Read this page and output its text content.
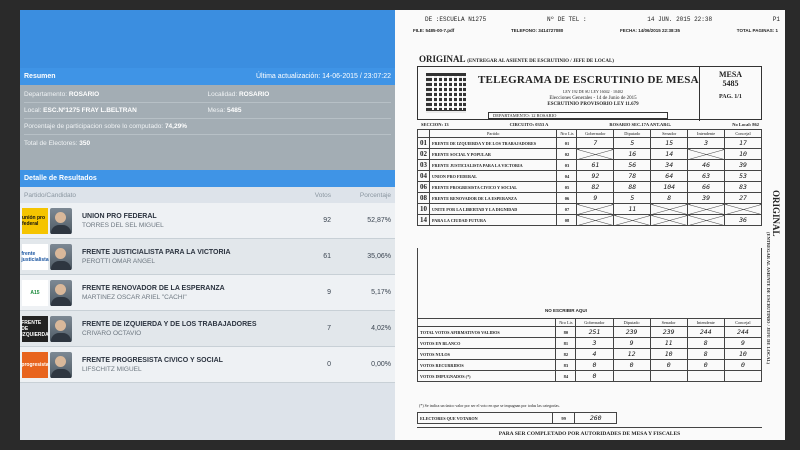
Resumen	Última actualización: 14-06-2015 / 23:07:22
Departamento: ROSARIO	Localidad: ROSARIO
Local: ESC.Nº1275 FRAY L.BELTRAN	Mesa: 5485
Porcentaje de participacion sobre lo computado: 74,29%
Total de Electores: 350
Detalle de Resultados
Partido/Candidato	Votos	Porcentaje
unión pro federal
UNION PRO FEDERAL
TORRES DEL SEL MIGUEL
92	52,87%
frente justicialista
FRENTE JUSTICIALISTA PARA LA VICTORIA
PEROTTI OMAR ANGEL
61	35,06%
A15
FRENTE RENOVADOR DE LA ESPERANZA
MARTINEZ OSCAR ARIEL "CACHI"
9	5,17%
FRENTE DE IZQUIERDA
FRENTE DE IZQUIERDA Y DE LOS TRABAJADORES
CRIVARO OCTAVIO
7	4,02%
progresista
FRENTE PROGRESISTA CIVICO Y SOCIAL
LIFSCHITZ MIGUEL
0	0,00%
DE :ESCUELA N1275	Nº DE TEL :	14 JUN. 2015 22:38	P1
FILE: 5485-00-7.pdf	TELEFONO: 3414727080	FECHA: 14/06/2015 22:38:35	TOTAL PAGINAS: 1
ORIGINAL (ENTREGAR AL ASIENTE DE ESCRUTINIO / JEFE DE LOCAL)
TELEGRAMA DE ESCRUTINIO DE MESA
LEY 192 DE SU LEY 16042 · 10402
Elecciones Generales - 14 de Junio de 2015
ESCRUTINIO PROVISORIO LEY 11.679
DEPARTAMENTO: 12 ROSARIO
MESA
5485
PAG. 1/1
SECCION: 13	CIRCUITO: 0353 A	ROSARIO SEC.17A ANT.ARG.	No Local: 862
	Partido	Nro Lis	Gobernador	Diputado	Senador	Intendente	Concejal
01	FRENTE DE IZQUIERDA Y DE LOS TRABAJADORES	01	7	5	15	3	17
02	FRENTE SOCIAL Y POPULAR	02		16	14		10
03	FRENTE JUSTICIALISTA PARA LA VICTORIA	03	61	56	34	46	39
04	UNION PRO FEDERAL	04	92	78	64	63	53
06	FRENTE PROGRESISTA CIVICO Y SOCIAL	05	82	88	104	66	83
08	FRENTE RENOVADOR DE LA ESPERANZA	06	9	5	8	39	27
10	UNITE POR LA LIBERTAD Y LA DIGNIDAD	07		11			
14	PARA LA CIUDAD FUTURA	08					36
NO ESCRIBIR AQUI
	Nro Lis	Gobernador	Diputado	Senador	Intendente	Concejal
TOTAL VOTOS AFIRMATIVOS VALIDOS	80	251	239	239	244	244
VOTOS EN BLANCO	81	3	9	11	8	9
VOTOS NULOS	82	4	12	10	8	10
VOTOS RECURRIDOS	83	0	0	0	0	0
VOTOS IMPUGNADOS (*)	84	0				
(*) Se indica un único valor por ser el voto en que se impugnan por todas las categorías.
ELECTORES QUE VOTARON	99	260
PARA SER COMPLETADO POR AUTORIDADES DE MESA Y FISCALES
ORIGINAL
(ENTREGAR AL ASIENTE DE ESCRUTINIO / JEFE DE LOCAL)
